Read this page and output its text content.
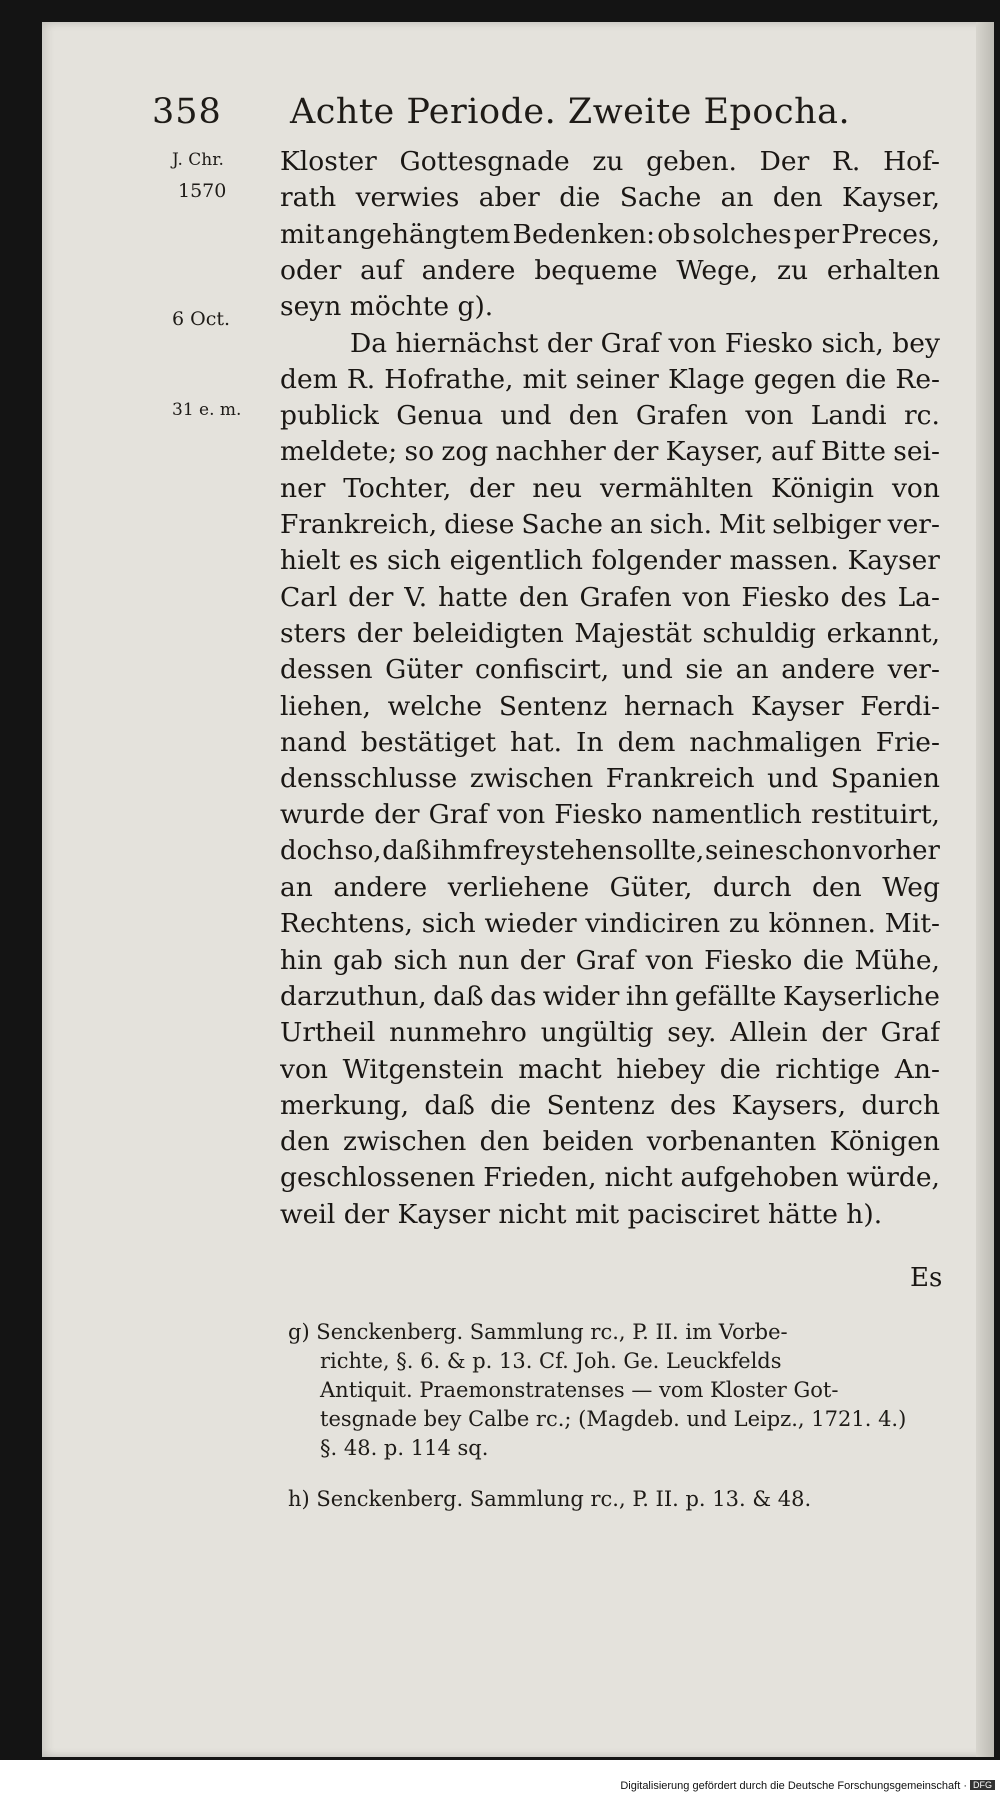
358 Achte Periode. Zweite Epocha.
J. Chr.
1570
6 Oct.
31 e. m.
Kloster Gottesgnade zu geben. Der R. Hof-
rath verwies aber die Sache an den Kayser,
mit angehängtem Bedenken: ob solches per Preces,
oder auf andere bequeme Wege, zu erhalten
seyn möchte g).
Da hiernächst der Graf von Fiesko sich, bey
dem R. Hofrathe, mit seiner Klage gegen die Re-
publick Genua und den Grafen von Landi rc.
meldete; so zog nachher der Kayser, auf Bitte sei-
ner Tochter, der neu vermählten Königin von
Frankreich, diese Sache an sich. Mit selbiger ver-
hielt es sich eigentlich folgender massen. Kayser
Carl der V. hatte den Grafen von Fiesko des La-
sters der beleidigten Majestät schuldig erkannt,
dessen Güter confiscirt, und sie an andere ver-
liehen, welche Sentenz hernach Kayser Ferdi-
nand bestätiget hat. In dem nachmaligen Frie-
densschlusse zwischen Frankreich und Spanien
wurde der Graf von Fiesko namentlich restituirt,
doch so, daß ihm frey stehen sollte, seine schon vorher
an andere verliehene Güter, durch den Weg
Rechtens, sich wieder vindiciren zu können. Mit-
hin gab sich nun der Graf von Fiesko die Mühe,
darzuthun, daß das wider ihn gefällte Kayserliche
Urtheil nunmehro ungültig sey. Allein der Graf
von Witgenstein macht hiebey die richtige An-
merkung, daß die Sentenz des Kaysers, durch
den zwischen den beiden vorbenanten Königen
geschlossenen Frieden, nicht aufgehoben würde,
weil der Kayser nicht mit pacisciret hätte h).
Es
g) Senckenberg. Sammlung rc., P. II. im Vorbe-
richte, §. 6. & p. 13. Cf. Joh. Ge. Leuckfelds
Antiquit. Praemonstratenses — vom Kloster Got-
tesgnade bey Calbe rc.; (Magdeb. und Leipz., 1721. 4.)
§. 48. p. 114 sq.
h) Senckenberg. Sammlung rc., P. II. p. 13. & 48.
Digitalisierung gefördert durch die Deutsche Forschungsgemeinschaft · DFG
